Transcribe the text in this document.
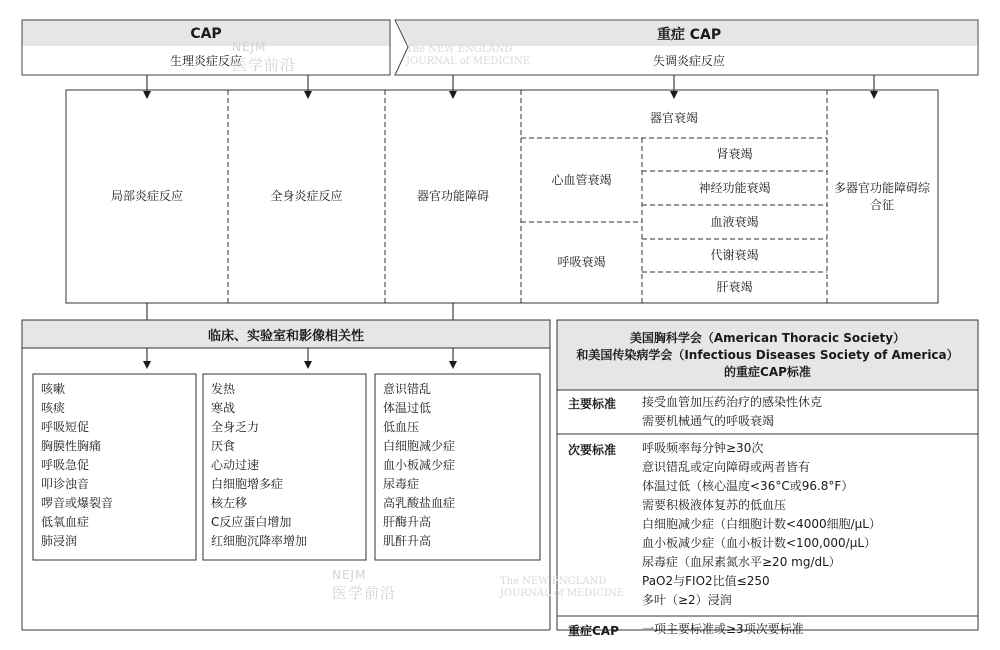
CAP
生理炎症反应
重症 CAP
失调炎症反应
局部炎症反应	全身炎症反应	器官功能障碍
器官衰竭
心血管衰竭
呼吸衰竭
肾衰竭
神经功能衰竭
血液衰竭
代谢衰竭
肝衰竭
多器官功能障碍综合征
临床、实验室和影像相关性
咳嗽
咳痰
呼吸短促
胸膜性胸痛
呼吸急促
叩诊浊音
啰音或爆裂音
低氧血症
肺浸润
发热
寒战
全身乏力
厌食
心动过速
白细胞增多症
核左移
C反应蛋白增加
红细胞沉降率增加
意识错乱
体温过低
低血压
白细胞减少症
血小板减少症
尿毒症
高乳酸盐血症
肝酶升高
肌酐升高
美国胸科学会（American Thoracic Society）
和美国传染病学会（Infectious Diseases Society of America）
的重症CAP标准
主要标准 接受血管加压药治疗的感染性休克
需要机械通气的呼吸衰竭
次要标准 呼吸频率每分钟≥30次
意识错乱或定向障碍或两者皆有
体温过低（核心温度<36°C或96.8°F）
需要积极液体复苏的低血压
白细胞减少症（白细胞计数<4000细胞/μL）
血小板减少症（血小板计数<100,000/μL）
尿毒症（血尿素氮水平≥20 mg/dL）
PaO2与FIO2比值≤250
多叶（≥2）浸润
重症CAP 一项主要标准或≥3项次要标准
NEJM
医学前沿
The NEW ENGLAND
JOURNAL of MEDICINE
NEJM
医学前沿
The NEW ENGLAND
JOURNAL of MEDICINE
